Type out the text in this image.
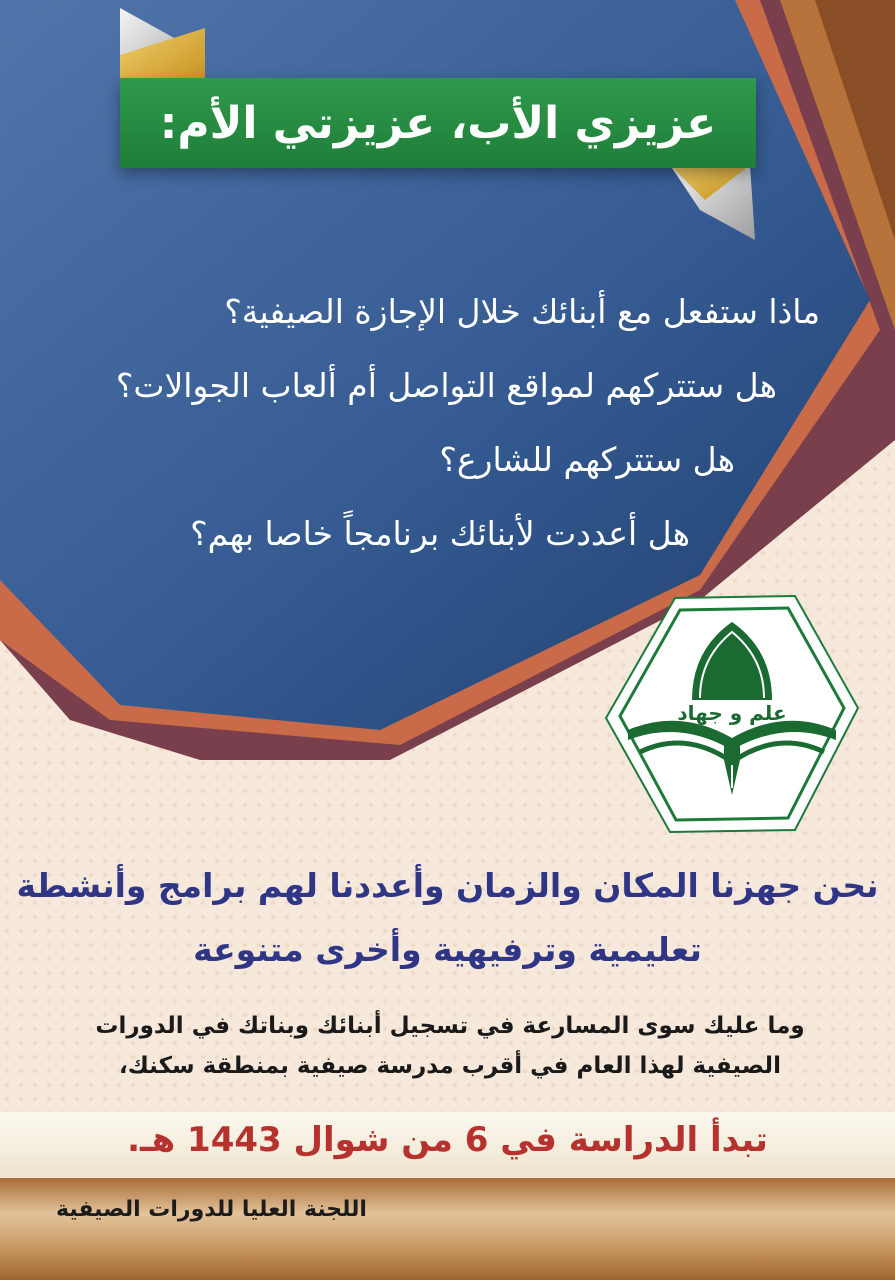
عزيزي الأب، عزيزتي الأم:
ماذا ستفعل مع أبنائك خلال الإجازة الصيفية؟
هل ستتركهم لمواقع التواصل أم ألعاب الجوالات؟
هل ستتركهم للشارع؟
هل أعددت لأبنائك برنامجاً خاصا بهم؟
علم و جهاد
نحن جهزنا المكان والزمان وأعددنا لهم برامج وأنشطة
تعليمية وترفيهية وأخرى متنوعة
وما عليك سوى المسارعة في تسجيل أبنائك وبناتك في الدورات
الصيفية لهذا العام في أقرب مدرسة صيفية بمنطقة سكنك،
تبدأ الدراسة في 6 من شوال 1443 هـ.
اللجنة العليا للدورات الصيفية
